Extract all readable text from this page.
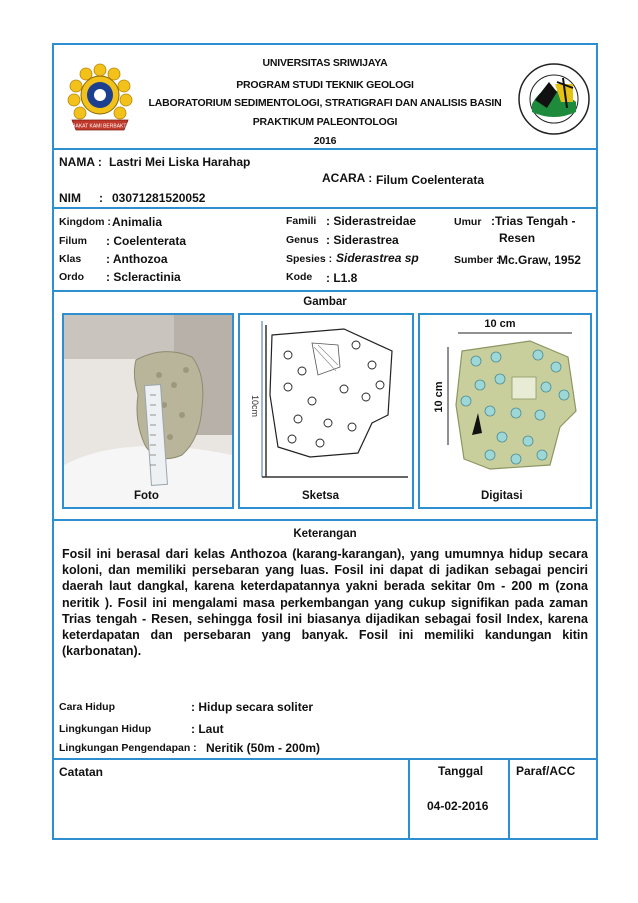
BAKAT KAMI BERBAKTI
UNIVERSITAS SRIWIJAYA
PROGRAM STUDI TEKNIK GEOLOGI
LABORATORIUM SEDIMENTOLOGI, STRATIGRAFI DAN ANALISIS BASIN
PRAKTIKUM PALEONTOLOGI
2016
NAMA : Lastri Mei Liska Harahap
ACARA : Filum Coelenterata
NIM : 03071281520052
Kingdom : Animalia
Filum : Coelenterata
Klas : Anthozoa
Ordo : Scleractinia
Famili : Siderastreidae
Genus : Siderastrea
Spesies : Siderastrea sp
Kode : L1.8
Umur :Trias Tengah -
Resen
Sumber :
Mc.Graw, 1952
Gambar
10cm
10 cm
10 cm
Foto	Sketsa	Digitasi
Keterangan
Fosil ini berasal dari kelas Anthozoa (karang-karangan), yang umumnya hidup secara koloni, dan memiliki persebaran yang luas. Fosil ini dapat di jadikan sebagai penciri daerah laut dangkal, karena keterdapatannya yakni berada sekitar 0m - 200 m (zona neritik ). Fosil ini mengalami masa perkembangan yang cukup signifikan pada zaman Trias tengah - Resen, sehingga fosil ini biasanya dijadikan sebagai fosil Index, karena keterdapatan dan persebaran yang banyak. Fosil ini memiliki kandungan kitin (karbonatan).
Cara Hidup	: Hidup secara soliter
Lingkungan Hidup	: Laut
Lingkungan Pengendapan : Neritik (50m - 200m)
Catatan	Tanggal
04-02-2016
Paraf/ACC
